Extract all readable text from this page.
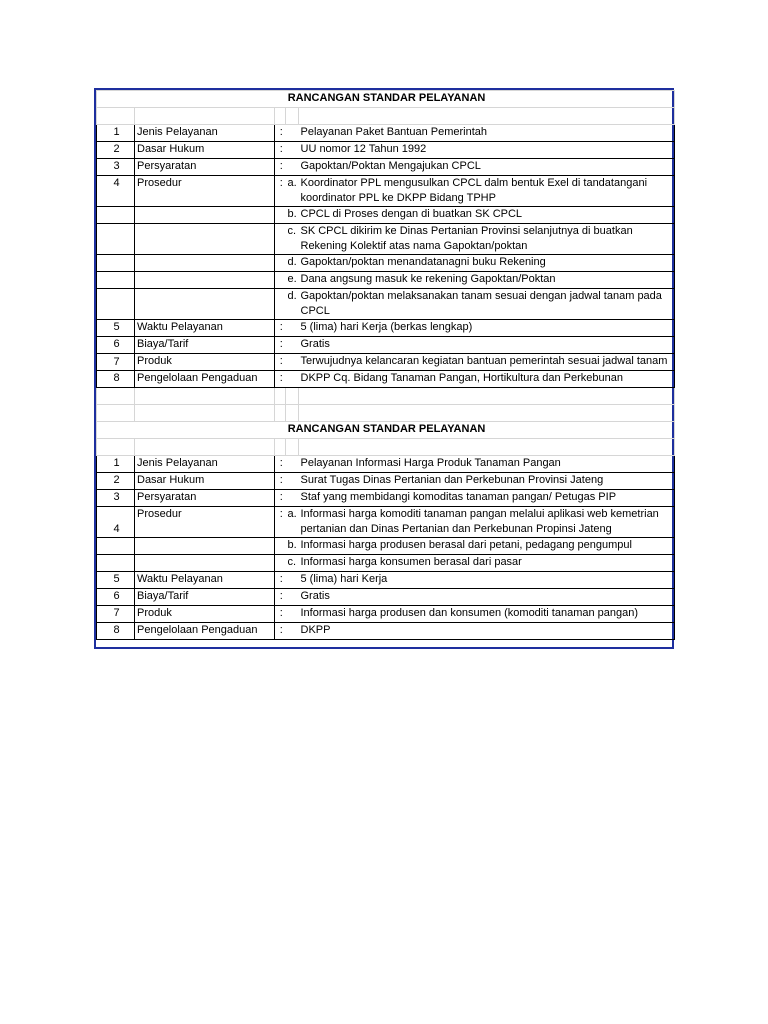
RANCANGAN STANDAR PELAYANAN				

1	Jenis Pelayanan	:		Pelayanan Paket Bantuan Pemerintah
2	Dasar Hukum	:		UU nomor 12 Tahun 1992
3	Persyaratan	:		Gapoktan/Poktan Mengajukan CPCL
4	Prosedur	:	a.	Koordinator PPL mengusulkan CPCL dalm bentuk Exel di tandatangani koordinator PPL ke DKPP Bidang TPHP
			b.	CPCL di Proses dengan di buatkan SK CPCL
			c.	SK CPCL dikirim ke Dinas Pertanian Provinsi selanjutnya di buatkan Rekening Kolektif atas nama Gapoktan/poktan
			d.	Gapoktan/poktan menandatanagni buku Rekening
			e.	Dana angsung masuk ke rekening Gapoktan/Poktan
			d.	Gapoktan/poktan melaksanakan tanam sesuai dengan jadwal tanam pada CPCL
5	Waktu Pelayanan	:		5 (lima) hari Kerja (berkas lengkap)
6	Biaya/Tarif	:		Gratis
7	Produk	:		Terwujudnya kelancaran kegiatan bantuan pemerintah sesuai jadwal tanam
8	Pengelolaan Pengaduan	:		DKPP Cq. Bidang Tanaman Pangan, Hortikultura dan Perkebunan

RANCANGAN STANDAR PELAYANAN				

1	Jenis Pelayanan	:		Pelayanan Informasi Harga Produk Tanaman Pangan
2	Dasar Hukum	:		Surat Tugas Dinas Pertanian dan Perkebunan Provinsi Jateng
3	Persyaratan	:		Staf yang membidangi komoditas tanaman pangan/ Petugas PIP
4	Prosedur	:	a.	Informasi harga komoditi tanaman pangan melalui aplikasi web kemetrian pertanian dan Dinas Pertanian dan Perkebunan Propinsi Jateng
			b.	Informasi harga produsen berasal dari petani, pedagang pengumpul
			c.	Informasi harga konsumen berasal dari pasar
5	Waktu Pelayanan	:		5 (lima) hari Kerja
6	Biaya/Tarif	:		Gratis
7	Produk	:		Informasi harga produsen dan konsumen (komoditi tanaman pangan)
8	Pengelolaan Pengaduan	:		DKPP
